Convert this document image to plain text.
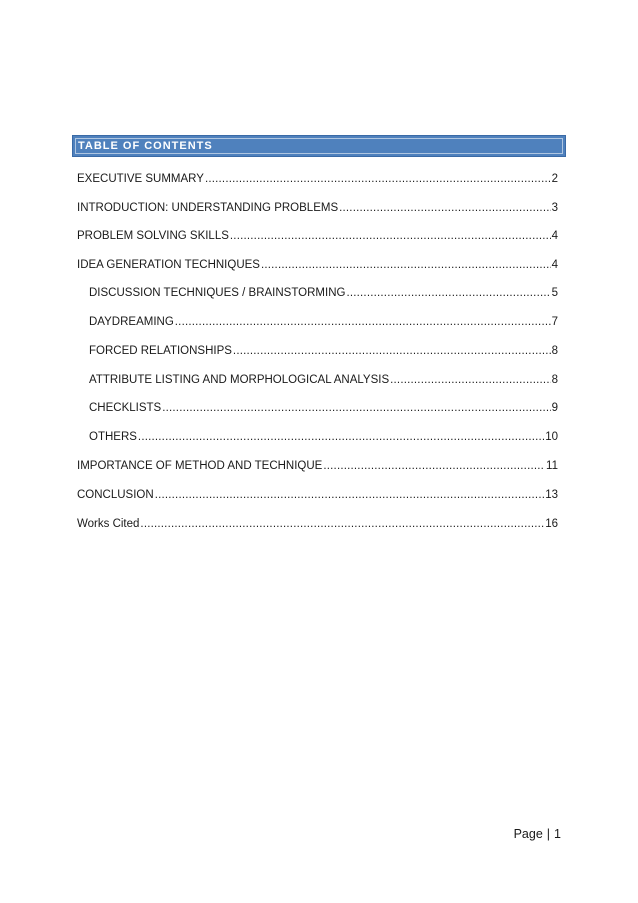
TABLE OF CONTENTS
EXECUTIVE SUMMARY .....	2
INTRODUCTION: UNDERSTANDING PROBLEMS .....	3
PROBLEM SOLVING SKILLS .....	4
IDEA GENERATION TECHNIQUES .....	4
DISCUSSION TECHNIQUES / BRAINSTORMING .....	5
DAYDREAMING .....	7
FORCED RELATIONSHIPS .....	8
ATTRIBUTE LISTING AND MORPHOLOGICAL ANALYSIS .....	8
CHECKLISTS .....	9
OTHERS .....	10
IMPORTANCE OF METHOD AND TECHNIQUE .....	11
CONCLUSION .....	13
Works Cited .....	16
Page | 1
